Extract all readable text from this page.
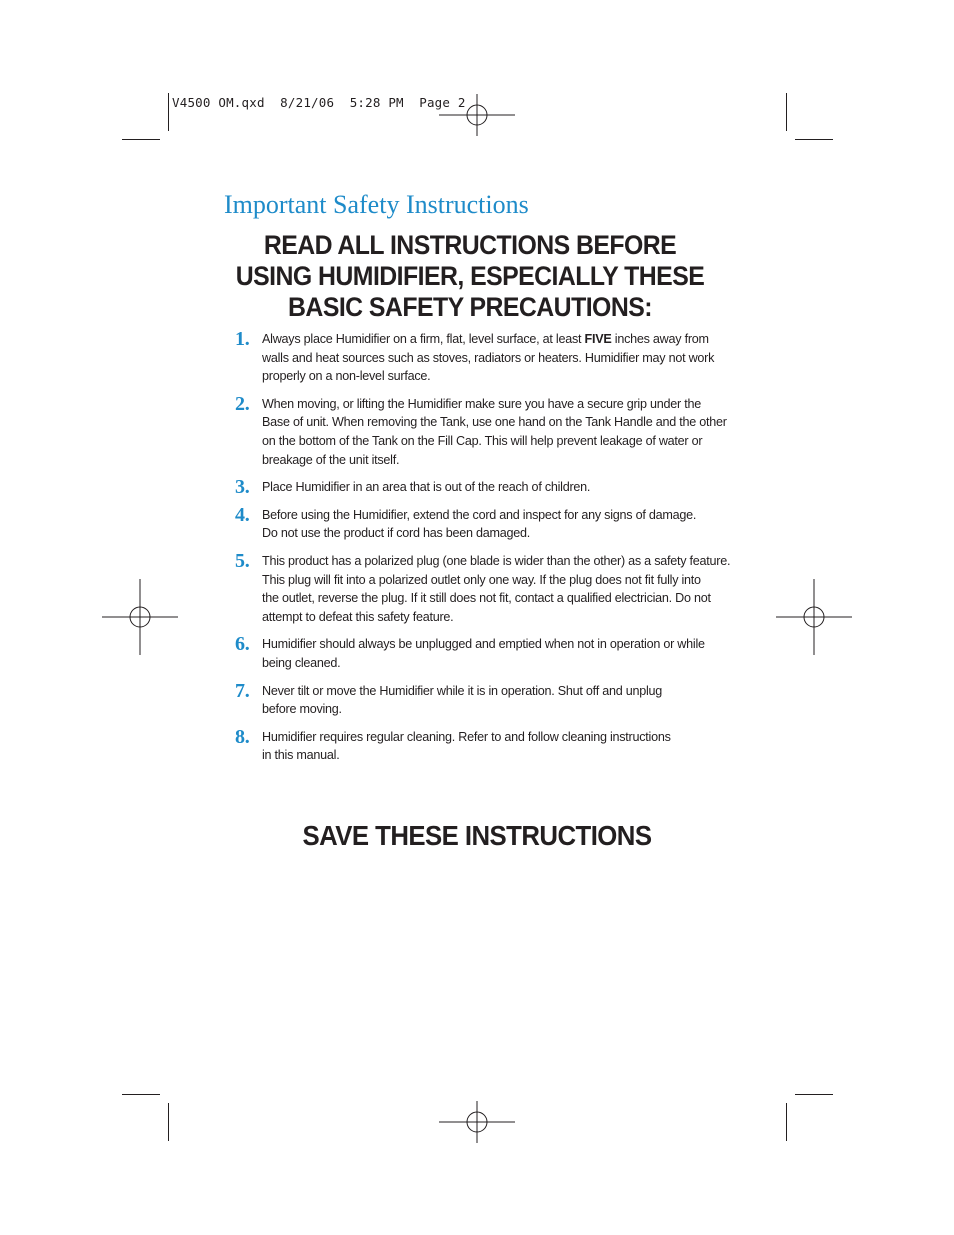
V4500 OM.qxd  8/21/06  5:28 PM  Page 2
Important Safety Instructions
READ ALL INSTRUCTIONS BEFORE
USING HUMIDIFIER, ESPECIALLY THESE
BASIC SAFETY PRECAUTIONS:
1. Always place Humidifier on a firm, flat, level surface, at least FIVE inches away from
walls and heat sources such as stoves, radiators or heaters. Humidifier may not work
properly on a non-level surface.
2. When moving, or lifting the Humidifier make sure you have a secure grip under the
Base of unit. When removing the Tank, use one hand on the Tank Handle and the other
on the bottom of the Tank on the Fill Cap. This will help prevent leakage of water or
breakage of the unit itself.
3. Place Humidifier in an area that is out of the reach of children.
4. Before using the Humidifier, extend the cord and inspect for any signs of damage.
Do not use the product if cord has been damaged.
5. This product has a polarized plug (one blade is wider than the other) as a safety feature.
This plug will fit into a polarized outlet only one way. If the plug does not fit fully into
the outlet, reverse the plug. If it still does not fit, contact a qualified electrician. Do not
attempt to defeat this safety feature.
6. Humidifier should always be unplugged and emptied when not in operation or while
being cleaned.
7. Never tilt or move the Humidifier while it is in operation. Shut off and unplug
before moving.
8. Humidifier requires regular cleaning. Refer to and follow cleaning instructions
in this manual.
SAVE THESE INSTRUCTIONS
